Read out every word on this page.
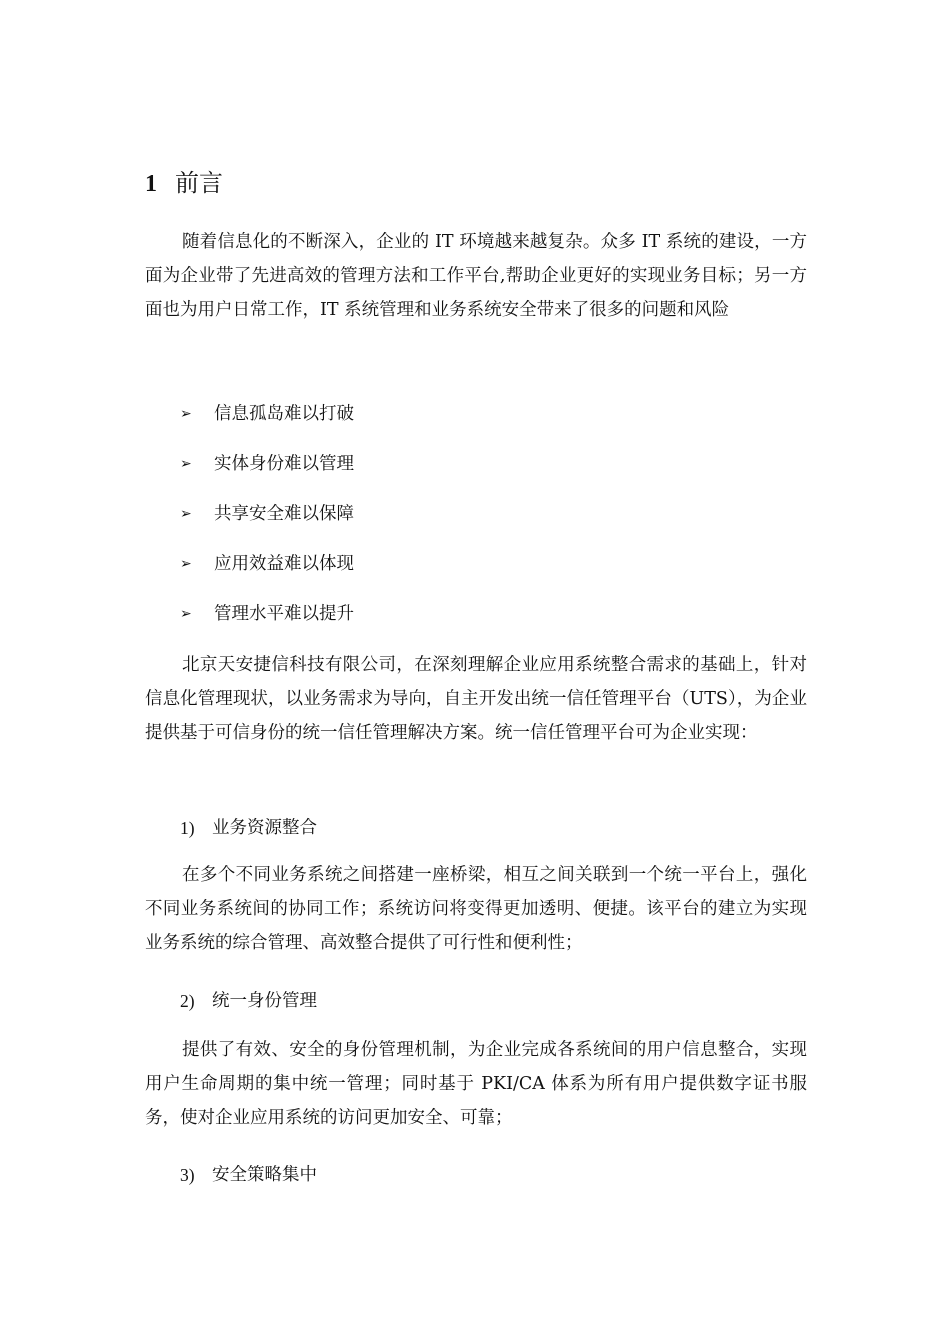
1 前言

随着信息化的不断深入，企业的 IT 环境越来越复杂。众多 IT 系统的建设，一方面为企业带了先进高效的管理方法和工作平台,帮助企业更好的实现业务目标；另一方面也为用户日常工作，IT 系统管理和业务系统安全带来了很多的问题和风险

➢	信息孤岛难以打破
➢	实体身份难以管理
➢	共享安全难以保障
➢	应用效益难以体现
➢	管理水平难以提升

北京天安捷信科技有限公司，在深刻理解企业应用系统整合需求的基础上，针对信息化管理现状，以业务需求为导向，自主开发出统一信任管理平台（UTS），为企业提供基于可信身份的统一信任管理解决方案。统一信任管理平台可为企业实现：

1) 业务资源整合

在多个不同业务系统之间搭建一座桥梁，相互之间关联到一个统一平台上，强化不同业务系统间的协同工作；系统访问将变得更加透明、便捷。该平台的建立为实现业务系统的综合管理、高效整合提供了可行性和便利性；

2) 统一身份管理

提供了有效、安全的身份管理机制，为企业完成各系统间的用户信息整合，实现用户生命周期的集中统一管理；同时基于 PKI/CA 体系为所有用户提供数字证书服务，使对企业应用系统的访问更加安全、可靠；

3) 安全策略集中
